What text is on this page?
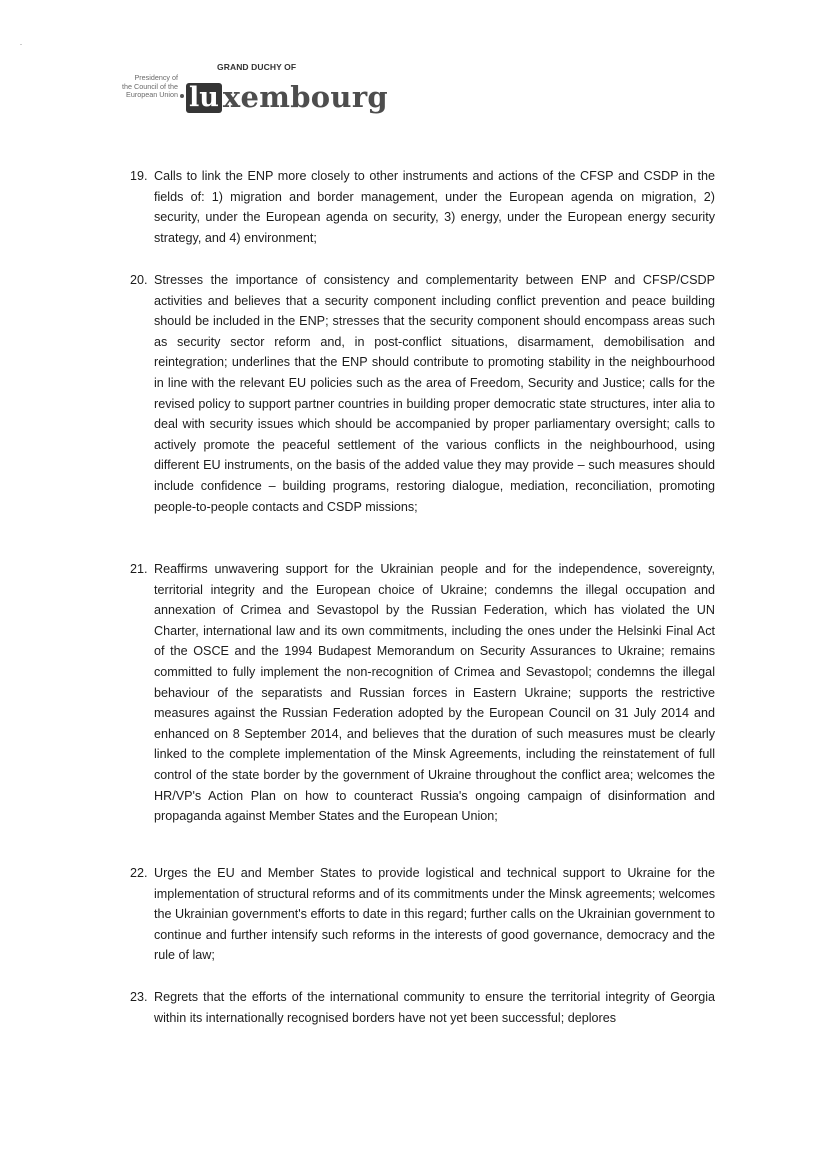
Presidency of
the Council of the
European Union
GRAND DUCHY OF
lu xembourg
19. Calls to link the ENP more closely to other instruments and actions of the CFSP and CSDP in the fields of: 1) migration and border management, under the European agenda on migration, 2) security, under the European agenda on security, 3) energy, under the European energy security strategy, and 4) environment;
20. Stresses the importance of consistency and complementarity between ENP and CFSP/CSDP activities and believes that a security component including conflict prevention and peace building should be included in the ENP; stresses that the security component should encompass areas such as security sector reform and, in post-conflict situations, disarmament, demobilisation and reintegration; underlines that the ENP should contribute to promoting stability in the neighbourhood in line with the relevant EU policies such as the area of Freedom, Security and Justice; calls for the revised policy to support partner countries in building proper democratic state structures, inter alia to deal with security issues which should be accompanied by proper parliamentary oversight; calls to actively promote the peaceful settlement of the various conflicts in the neighbourhood, using different EU instruments, on the basis of the added value they may provide – such measures should include confidence – building programs, restoring dialogue, mediation, reconciliation, promoting people-to-people contacts and CSDP missions;
21. Reaffirms unwavering support for the Ukrainian people and for the independence, sovereignty, territorial integrity and the European choice of Ukraine; condemns the illegal occupation and annexation of Crimea and Sevastopol by the Russian Federation, which has violated the UN Charter, international law and its own commitments, including the ones under the Helsinki Final Act of the OSCE and the 1994 Budapest Memorandum on Security Assurances to Ukraine; remains committed to fully implement the non-recognition of Crimea and Sevastopol; condemns the illegal behaviour of the separatists and Russian forces in Eastern Ukraine; supports the restrictive measures against the Russian Federation adopted by the European Council on 31 July 2014 and enhanced on 8 September 2014, and believes that the duration of such measures must be clearly linked to the complete implementation of the Minsk Agreements, including the reinstatement of full control of the state border by the government of Ukraine throughout the conflict area; welcomes the HR/VP's Action Plan on how to counteract Russia's ongoing campaign of disinformation and propaganda against Member States and the European Union;
22. Urges the EU and Member States to provide logistical and technical support to Ukraine for the implementation of structural reforms and of its commitments under the Minsk agreements; welcomes the Ukrainian government's efforts to date in this regard; further calls on the Ukrainian government to continue and further intensify such reforms in the interests of good governance, democracy and the rule of law;
23. Regrets that the efforts of the international community to ensure the territorial integrity of Georgia within its internationally recognised borders have not yet been successful; deplores
